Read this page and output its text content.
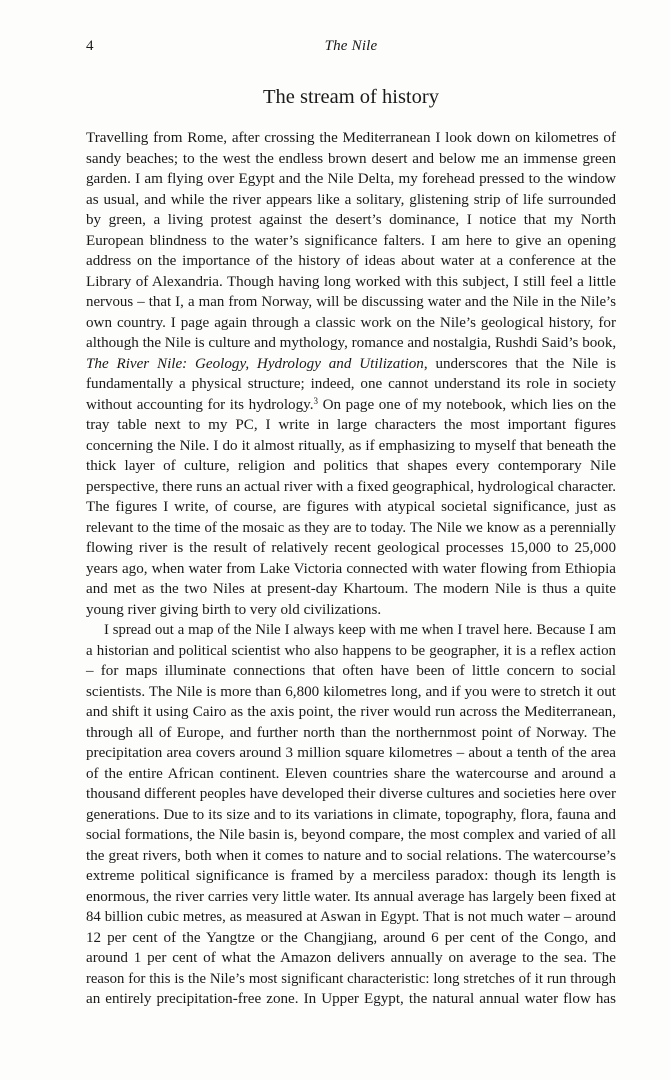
4	The Nile
The stream of history
Travelling from Rome, after crossing the Mediterranean I look down on kilometres of
sandy beaches; to the west the endless brown desert and below me an immense green
garden. I am flying over Egypt and the Nile Delta, my forehead pressed to the window
as usual, and while the river appears like a solitary, glistening strip of life surrounded
by green, a living protest against the desert’s dominance, I notice that my North
European blindness to the water’s significance falters. I am here to give an opening
address on the importance of the history of ideas about water at a conference at the
Library of Alexandria. Though having long worked with this subject, I still feel a little
nervous – that I, a man from Norway, will be discussing water and the Nile in the Nile’s
own country. I page again through a classic work on the Nile’s geological history, for
although the Nile is culture and mythology, romance and nostalgia, Rushdi Said’s book,
The River Nile: Geology, Hydrology and Utilization, underscores that the Nile is
fundamentally a physical structure; indeed, one cannot understand its role in society
without accounting for its hydrology.$^3$ On page one of my notebook, which lies on the
tray table next to my PC, I write in large characters the most important figures
concerning the Nile. I do it almost ritually, as if emphasizing to myself that beneath the
thick layer of culture, religion and politics that shapes every contemporary Nile
perspective, there runs an actual river with a fixed geographical, hydrological character.
The figures I write, of course, are figures with atypical societal significance, just as
relevant to the time of the mosaic as they are to today. The Nile we know as a perennially
flowing river is the result of relatively recent geological processes 15,000 to 25,000
years ago, when water from Lake Victoria connected with water flowing from Ethiopia
and met as the two Niles at present-day Khartoum. The modern Nile is thus a quite
young river giving birth to very old civilizations.
I spread out a map of the Nile I always keep with me when I travel here. Because I am
a historian and political scientist who also happens to be geographer, it is a reflex action
– for maps illuminate connections that often have been of little concern to social
scientists. The Nile is more than 6,800 kilometres long, and if you were to stretch it out
and shift it using Cairo as the axis point, the river would run across the Mediterranean,
through all of Europe, and further north than the northernmost point of Norway. The
precipitation area covers around 3 million square kilometres – about a tenth of the area
of the entire African continent. Eleven countries share the watercourse and around a
thousand different peoples have developed their diverse cultures and societies here over
generations. Due to its size and to its variations in climate, topography, flora, fauna and
social formations, the Nile basin is, beyond compare, the most complex and varied of all
the great rivers, both when it comes to nature and to social relations. The watercourse’s
extreme political significance is framed by a merciless paradox: though its length is
enormous, the river carries very little water. Its annual average has largely been fixed at
84 billion cubic metres, as measured at Aswan in Egypt. That is not much water – around
12 per cent of the Yangtze or the Changjiang, around 6 per cent of the Congo, and
around 1 per cent of what the Amazon delivers annually on average to the sea. The
reason for this is the Nile’s most significant characteristic: long stretches of it run through
an entirely precipitation-free zone. In Upper Egypt, the natural annual water flow has
